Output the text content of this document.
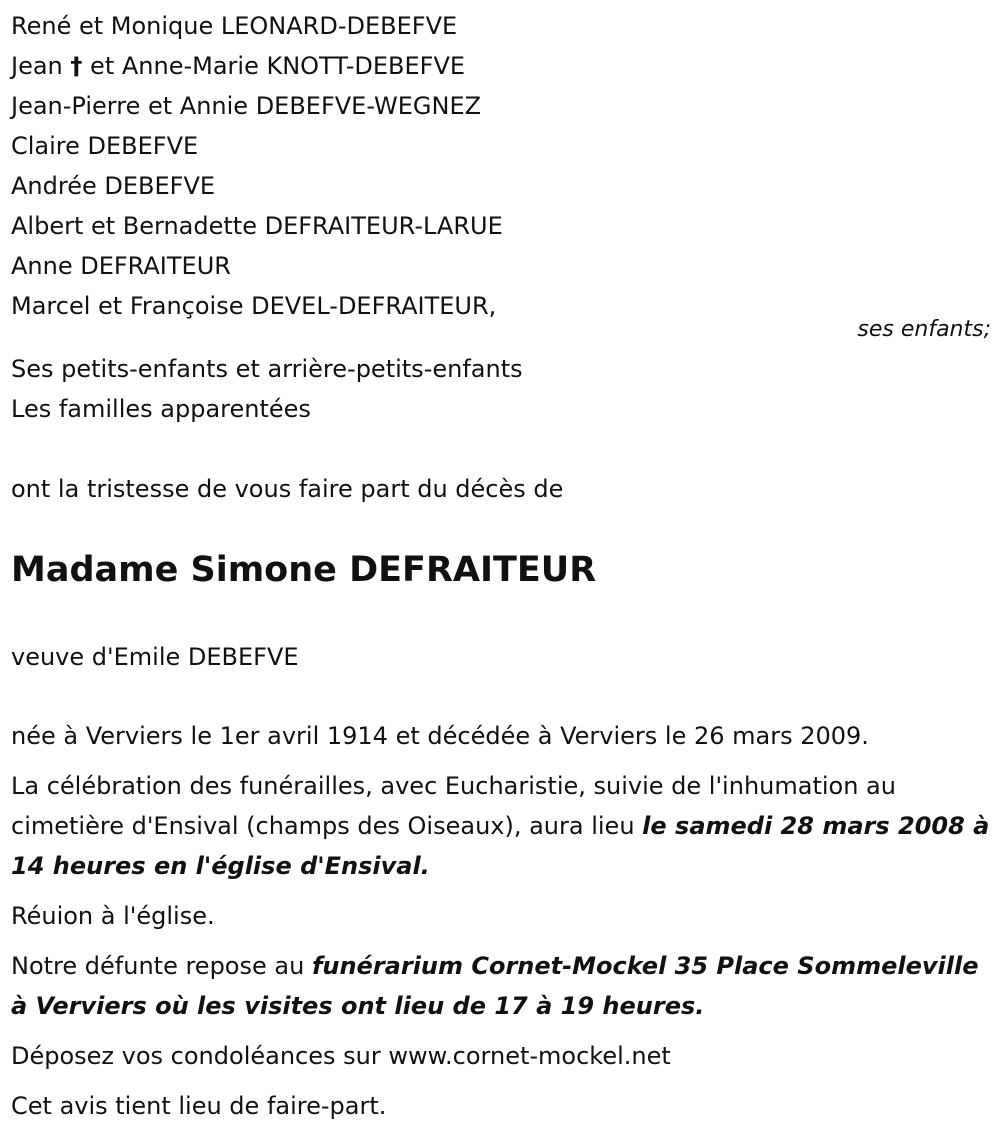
René et Monique LEONARD-DEBEFVE
Jean † et Anne-Marie KNOTT-DEBEFVE
Jean-Pierre et Annie DEBEFVE-WEGNEZ
Claire DEBEFVE
Andrée DEBEFVE
Albert et Bernadette DEFRAITEUR-LARUE
Anne DEFRAITEUR
Marcel et Françoise DEVEL-DEFRAITEUR,
ses enfants;
Ses petits-enfants et arrière-petits-enfants
Les familles apparentées
ont la tristesse de vous faire part du décès de
Madame Simone DEFRAITEUR
veuve d'Emile DEBEFVE

née à Verviers le 1er avril 1914 et décédée à Verviers le 26 mars 2009.

La célébration des funérailles, avec Eucharistie, suivie de l'inhumation au cimetière d'Ensival (champs des Oiseaux), aura lieu le samedi 28 mars 2008 à 14 heures en l'église d'Ensival.

Réuion à l'église.

Notre défunte repose au funérarium Cornet-Mockel 35 Place Sommeleville à Verviers où les visites ont lieu de 17 à 19 heures.

Déposez vos condoléances sur www.cornet-mockel.net

Cet avis tient lieu de faire-part.
